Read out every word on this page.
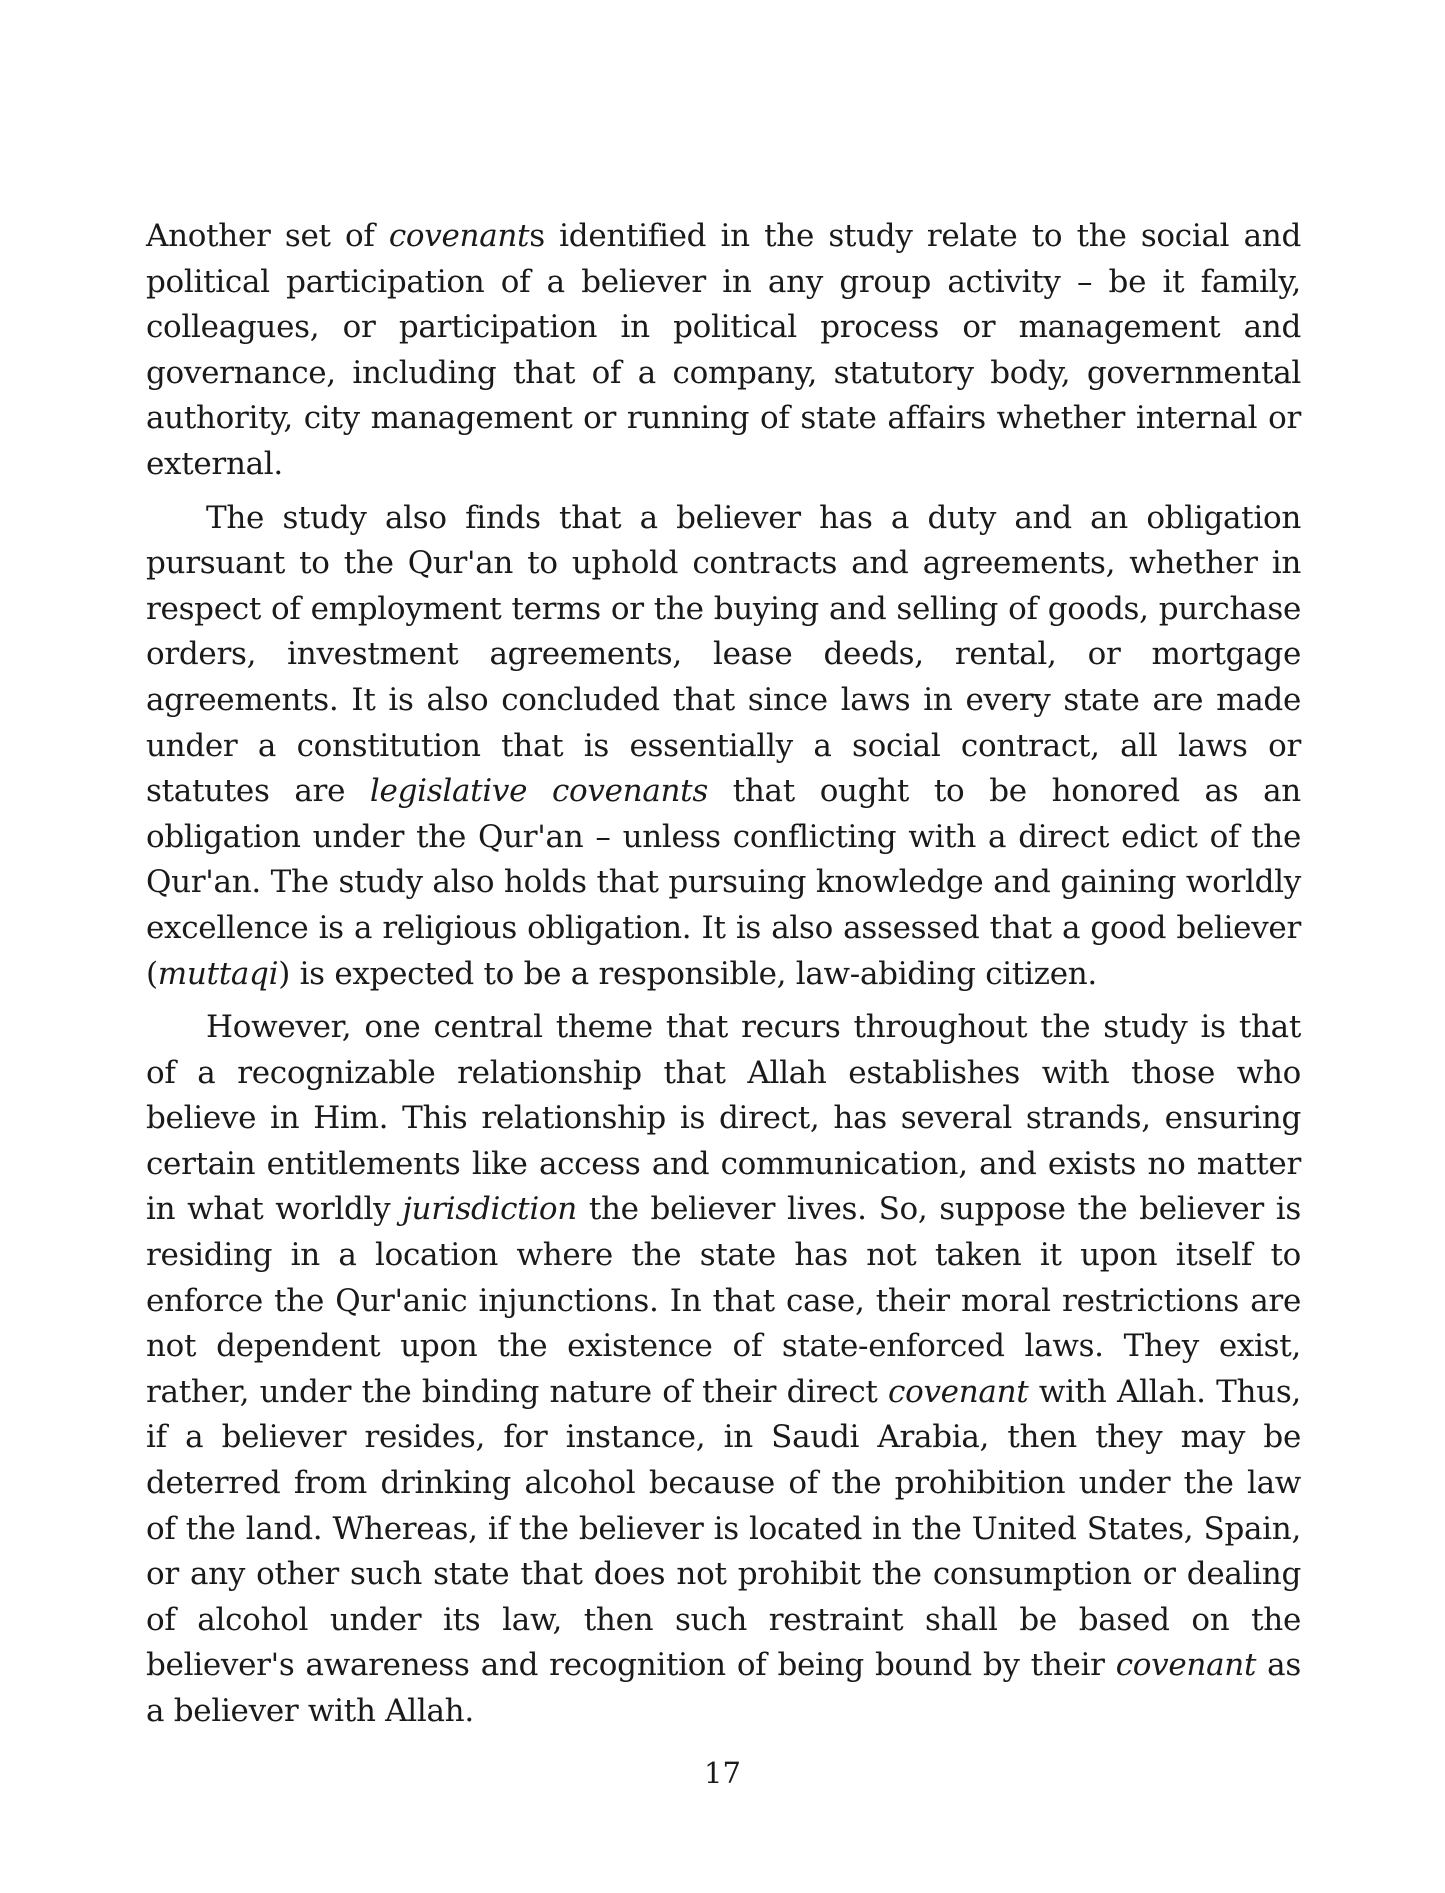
Another set of covenants identified in the study relate to the social and political participation of a believer in any group activity – be it family, colleagues, or participation in political process or management and governance, including that of a company, statutory body, governmental authority, city management or running of state affairs whether internal or external.

The study also finds that a believer has a duty and an obligation pursuant to the Qur'an to uphold contracts and agreements, whether in respect of employment terms or the buying and selling of goods, purchase orders, investment agreements, lease deeds, rental, or mortgage agreements. It is also concluded that since laws in every state are made under a constitution that is essentially a social contract, all laws or statutes are legislative covenants that ought to be honored as an obligation under the Qur'an – unless conflicting with a direct edict of the Qur'an. The study also holds that pursuing knowledge and gaining worldly excellence is a religious obligation. It is also assessed that a good believer (muttaqi) is expected to be a responsible, law-abiding citizen.

However, one central theme that recurs throughout the study is that of a recognizable relationship that Allah establishes with those who believe in Him. This relationship is direct, has several strands, ensuring certain entitlements like access and communication, and exists no matter in what worldly jurisdiction the believer lives. So, suppose the believer is residing in a location where the state has not taken it upon itself to enforce the Qur'anic injunctions. In that case, their moral restrictions are not dependent upon the existence of state-enforced laws. They exist, rather, under the binding nature of their direct covenant with Allah. Thus, if a believer resides, for instance, in Saudi Arabia, then they may be deterred from drinking alcohol because of the prohibition under the law of the land. Whereas, if the believer is located in the United States, Spain, or any other such state that does not prohibit the consumption or dealing of alcohol under its law, then such restraint shall be based on the believer's awareness and recognition of being bound by their covenant as a believer with Allah.

17
